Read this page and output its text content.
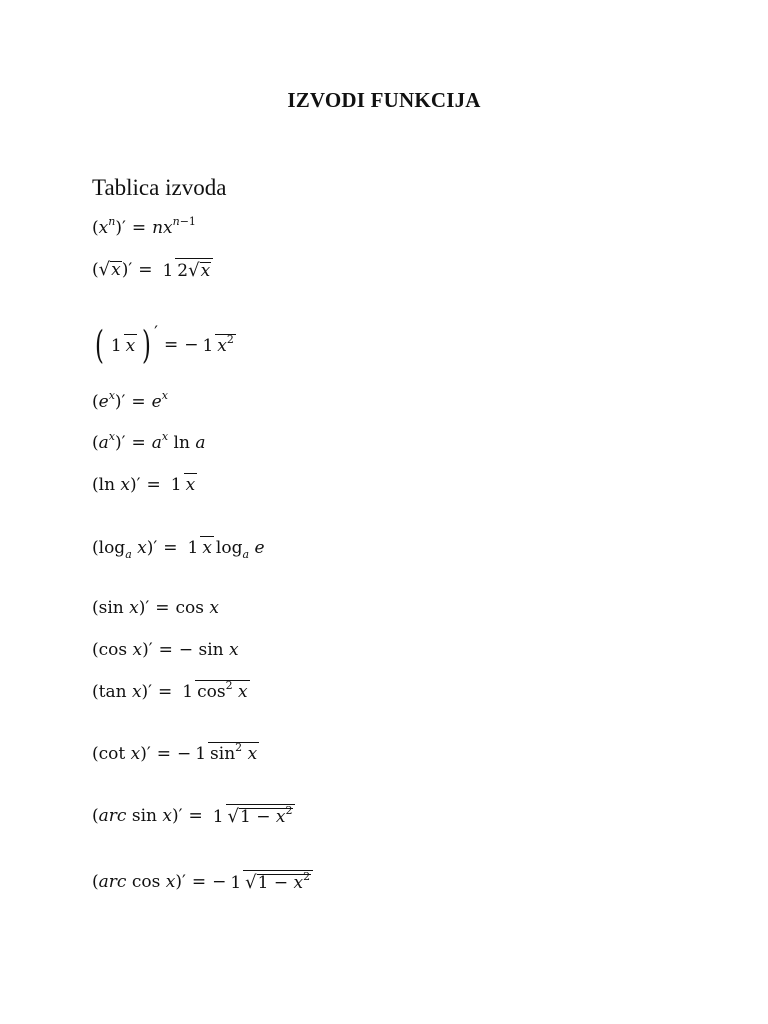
IZVODI FUNKCIJA
Tablica izvoda
$(x^n)' = nx^{n-1}$
(√x)′ = 1 2√x
( 1 x ) ′
= − 1 $x^2$
$(e^x)' = e^x$
$(a^x)' = a^x$ ln a
(ln x)′ = 1 x
($\log_a$ x)′ = 1 x $\log_a e$
(sin x)′ = cos x
(cos x)′ = − sin x
(tan x)′ = 1 $\cos^2 x$
(cot x)′ = − 1 $\sin^2 x$
(arc sin x)′ = 1 $√1 - x^2$
(arc cos x)′ = − 1 $√1 - x^2$
